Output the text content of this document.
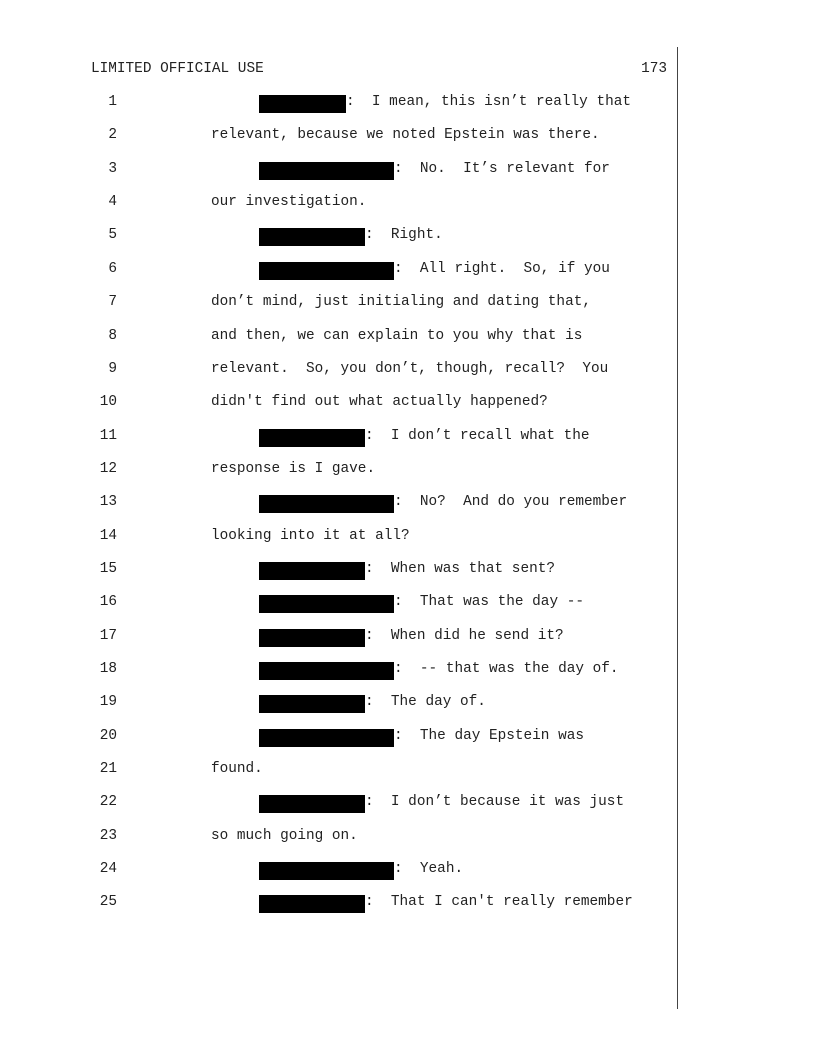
LIMITED OFFICIAL USE	173
1	:  I mean, this isn’t really that
2	relevant, because we noted Epstein was there.
3	:  No.  It’s relevant for
4	our investigation.
5	:  Right.
6	:  All right.  So, if you
7	don’t mind, just initialing and dating that,
8	and then, we can explain to you why that is
9	relevant.  So, you don’t, though, recall?  You
10	didn't find out what actually happened?
11	:  I don’t recall what the
12	response is I gave.
13	:  No?  And do you remember
14	looking into it at all?
15	:  When was that sent?
16	:  That was the day --
17	:  When did he send it?
18	:  -- that was the day of.
19	:  The day of.
20	:  The day Epstein was
21	found.
22	:  I don’t because it was just
23	so much going on.
24	:  Yeah.
25	:  That I can't really remember
